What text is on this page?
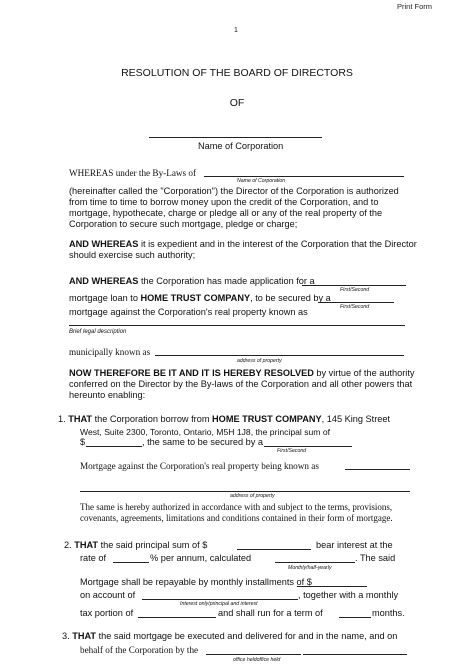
Print Form
1
RESOLUTION OF THE BOARD OF DIRECTORS
OF
Name of Corporation
WHEREAS under the By-Laws of
Name of Corporation
(hereinafter called the "Corporation") the Director of the Corporation is authorized from time to time to borrow money upon the credit of the Corporation, and to mortgage, hypothecate, charge or pledge all or any of the real property of the Corporation to secure such mortgage, pledge or charge;
AND WHEREAS it is expedient and in the interest of the Corporation that the Director should exercise such authority;
AND WHEREAS the Corporation has made application for a
First/Second
mortgage loan to HOME TRUST COMPANY, to be secured by a
First/Second
mortgage against the Corporation's real property known as
Brief legal description
municipally known as
address of property
NOW THEREFORE BE IT AND IT IS HEREBY RESOLVED by virtue of the authority conferred on the Director by the By-laws of the Corporation and all other powers that hereunto enabling:
1. THAT the Corporation borrow from HOME TRUST COMPANY, 145 King Street
West, Suite 2300, Toronto, Ontario, M5H 1J8, the principal sum of
$	, the same to be secured by a
First/Second
Mortgage against the Corporation's real property being known as
address of property
The same is hereby authorized in accordance with and subject to the terms, provisions, covenants, agreements, limitations and conditions contained in their form of mortgage.
2. THAT the said principal sum of $	bear interest at the
rate of	% per annum, calculated	. The said
Monthly/half-yearly
Mortgage shall be repayable by monthly installments of $
on account of	, together with a monthly
Interest only/principal and interest
tax portion of	and shall run for a term of	months.
3. THAT the said mortgage be executed and delivered for and in the name, and on
behalf of the Corporation by the
office heldoffice held
